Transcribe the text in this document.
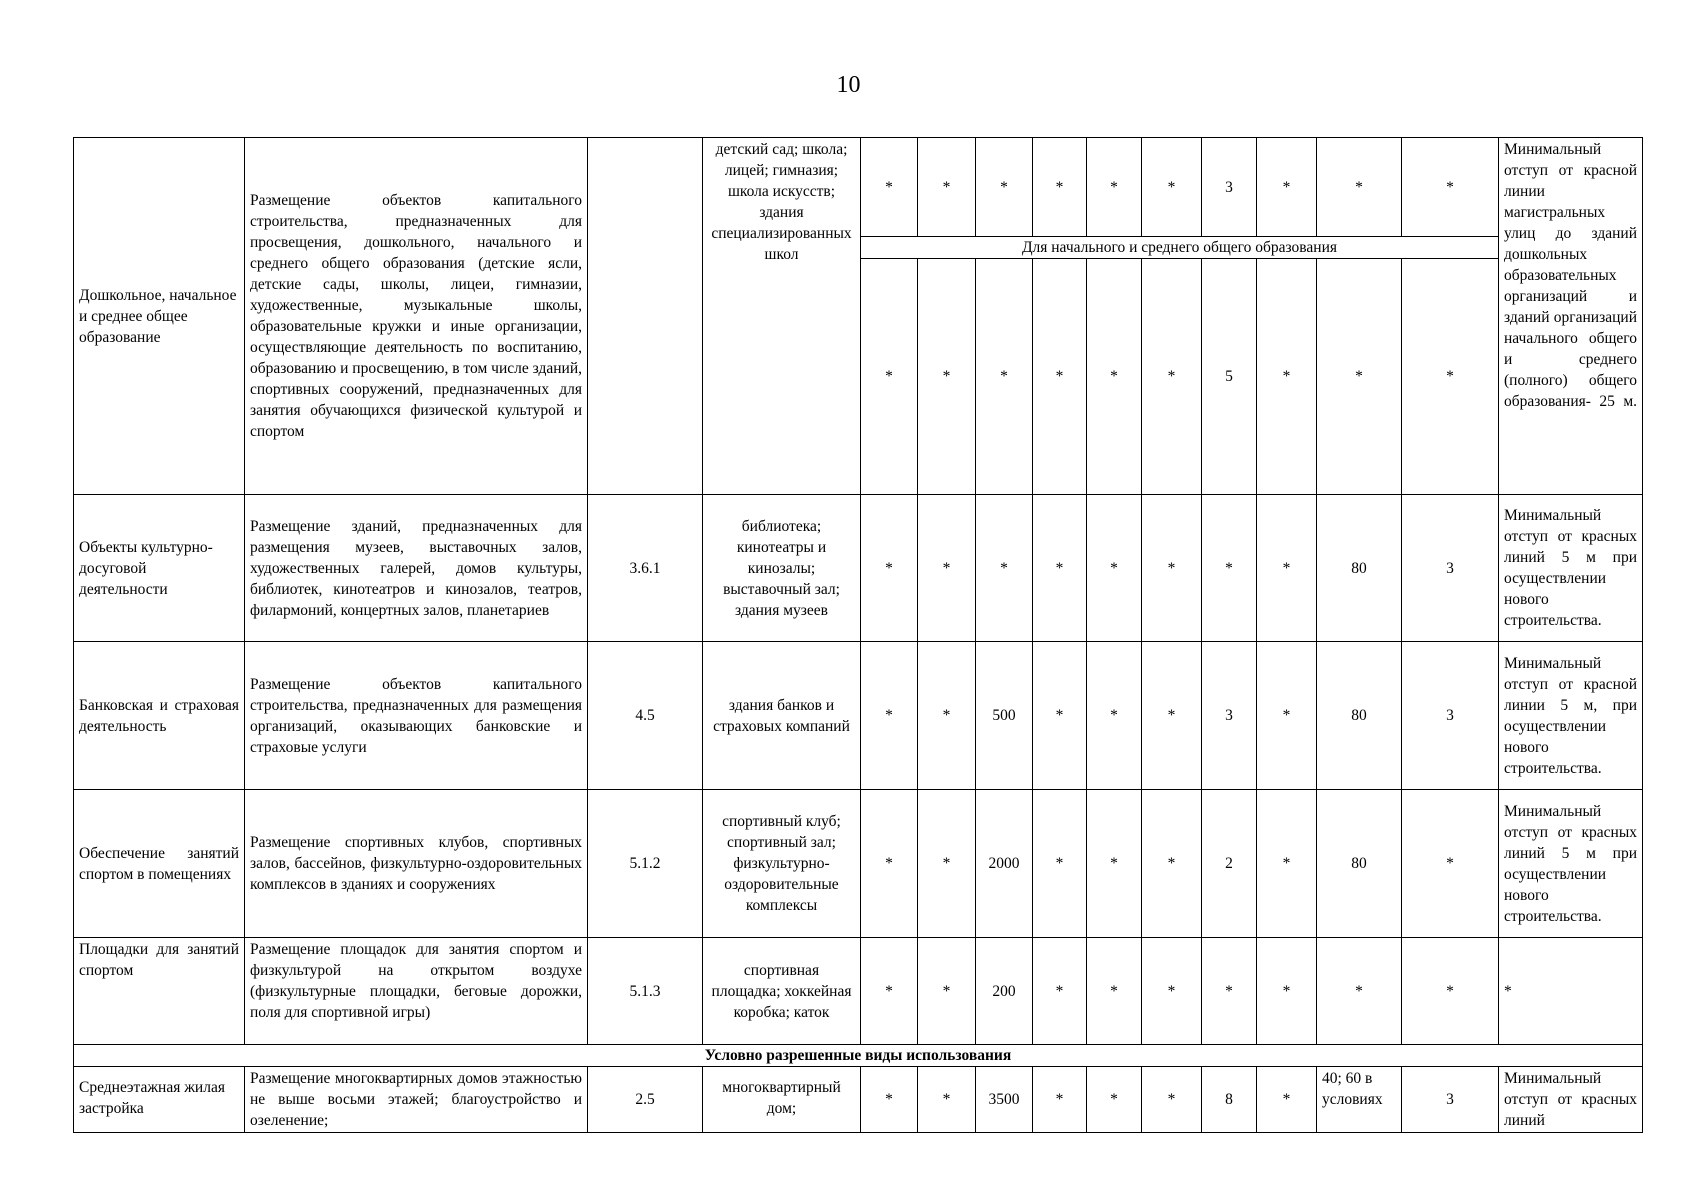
10
Дошкольное, начальное и среднее общее образование	Размещение объектов капитального строительства, предназначенных для просвещения, дошкольного, начального и среднего общего образования (детские ясли, детские сады, школы, лицеи, гимназии, художественные, музыкальные школы, образовательные кружки и иные организации, осуществляющие деятельность по воспитанию, образованию и просвещению, в том числе зданий, спортивных сооружений, предназначенных для занятия обучающихся физической культурой и спортом		детский сад; школа; лицей; гимназия; школа искусств; здания специализированных школ	*	*	*	*	*	*	3	*	*	*	Минимальный отступ от красной линии магистральных улиц до зданий дошкольных образовательных организаций и зданий организаций начального общего и среднего (полного) общего образования- 25 м.
				Для начального и среднего общего образования										
				*	*	*	*	*	*	5	*	*	*	
Объекты культурно-досуговой деятельности	Размещение зданий, предназначенных для размещения музеев, выставочных залов, художественных галерей, домов культуры, библиотек, кинотеатров и кинозалов, театров, филармоний, концертных залов, планетариев	3.6.1	библиотека; кинотеатры и кинозалы; выставочный зал; здания музеев	*	*	*	*	*	*	*	*	80	3	Минимальный отступ от красных линий 5 м при осуществлении нового строительства.
Банковская и страховая деятельность	Размещение объектов капитального строительства, предназначенных для размещения организаций, оказывающих банковские и страховые услуги	4.5	здания банков и страховых компаний	*	*	500	*	*	*	3	*	80	3	Минимальный отступ от красной линии 5 м, при осуществлении нового строительства.
Обеспечение занятий спортом в помещениях	Размещение спортивных клубов, спортивных залов, бассейнов, физкультурно-оздоровительных комплексов в зданиях и сооружениях	5.1.2	спортивный клуб; спортивный зал; физкультурно-оздоровительные комплексы	*	*	2000	*	*	*	2	*	80	*	Минимальный отступ от красных линий 5 м при осуществлении нового строительства.
Площадки для занятий спортом	Размещение площадок для занятия спортом и физкультурой на открытом воздухе (физкультурные площадки, беговые дорожки, поля для спортивной игры)	5.1.3	спортивная площадка; хоккейная коробка; каток	*	*	200	*	*	*	*	*	*	*	*
Условно разрешенные виды использования														
Среднеэтажная жилая застройка	Размещение многоквартирных домов этажностью не выше восьми этажей; благоустройство и озеленение;	2.5	многоквартирный дом;	*	*	3500	*	*	*	8	*	40; 60 в условиях	3	Минимальный отступ от красных линий
